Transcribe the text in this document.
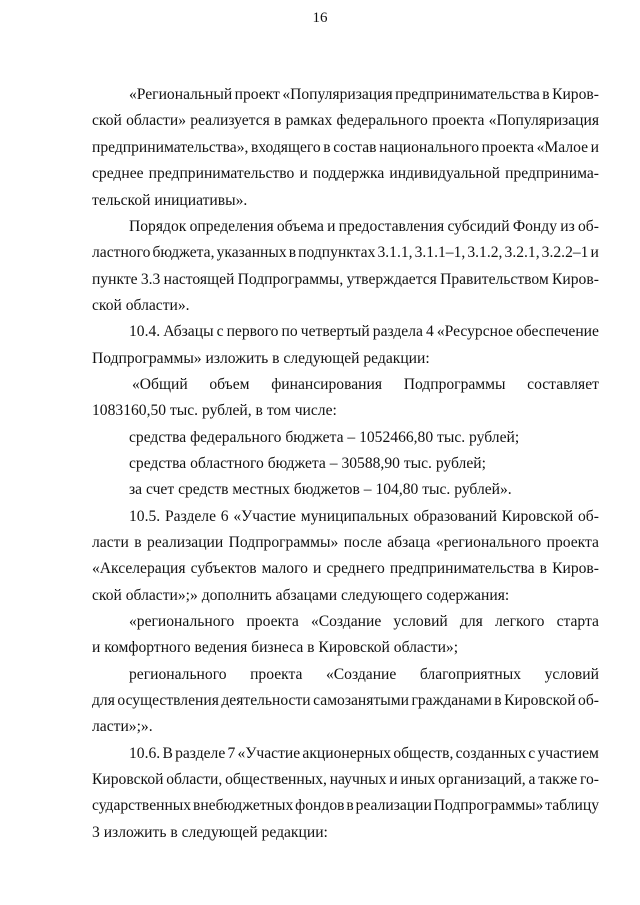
16
«Региональный проект «Популяризация предпринимательства в Киров-
ской области» реализуется в рамках федерального проекта «Популяризация
предпринимательства», входящего в состав национального проекта «Малое и
среднее предпринимательство и поддержка индивидуальной предпринима-
тельской инициативы».
Порядок определения объема и предоставления субсидий Фонду из об-
ластного бюджета, указанных в подпунктах 3.1.1, 3.1.1–1, 3.1.2, 3.2.1, 3.2.2–1 и
пункте 3.3 настоящей Подпрограммы, утверждается Правительством Киров-
ской области».
10.4. Абзацы с первого по четвертый раздела 4 «Ресурсное обеспечение
Подпрограммы» изложить в следующей редакции:
«Общий объем финансирования Подпрограммы составляет
1083160,50 тыс. рублей, в том числе:
средства федерального бюджета – 1052466,80 тыс. рублей;
средства областного бюджета – 30588,90 тыс. рублей;
за счет средств местных бюджетов – 104,80 тыс. рублей».
10.5. Разделе 6 «Участие муниципальных образований Кировской об-
ласти в реализации Подпрограммы» после абзаца «регионального проекта
«Акселерация субъектов малого и среднего предпринимательства в Киров-
ской области»;» дополнить абзацами следующего содержания:
«регионального проекта «Создание условий для легкого старта
и комфортного ведения бизнеса в Кировской области»;
регионального проекта «Создание благоприятных условий
для осуществления деятельности самозанятыми гражданами в Кировской об-
ласти»;».
10.6. В разделе 7 «Участие акционерных обществ, созданных с участием
Кировской области, общественных, научных и иных организаций, а также го-
сударственных внебюджетных фондов в реализации Подпрограммы» таблицу
3 изложить в следующей редакции:
